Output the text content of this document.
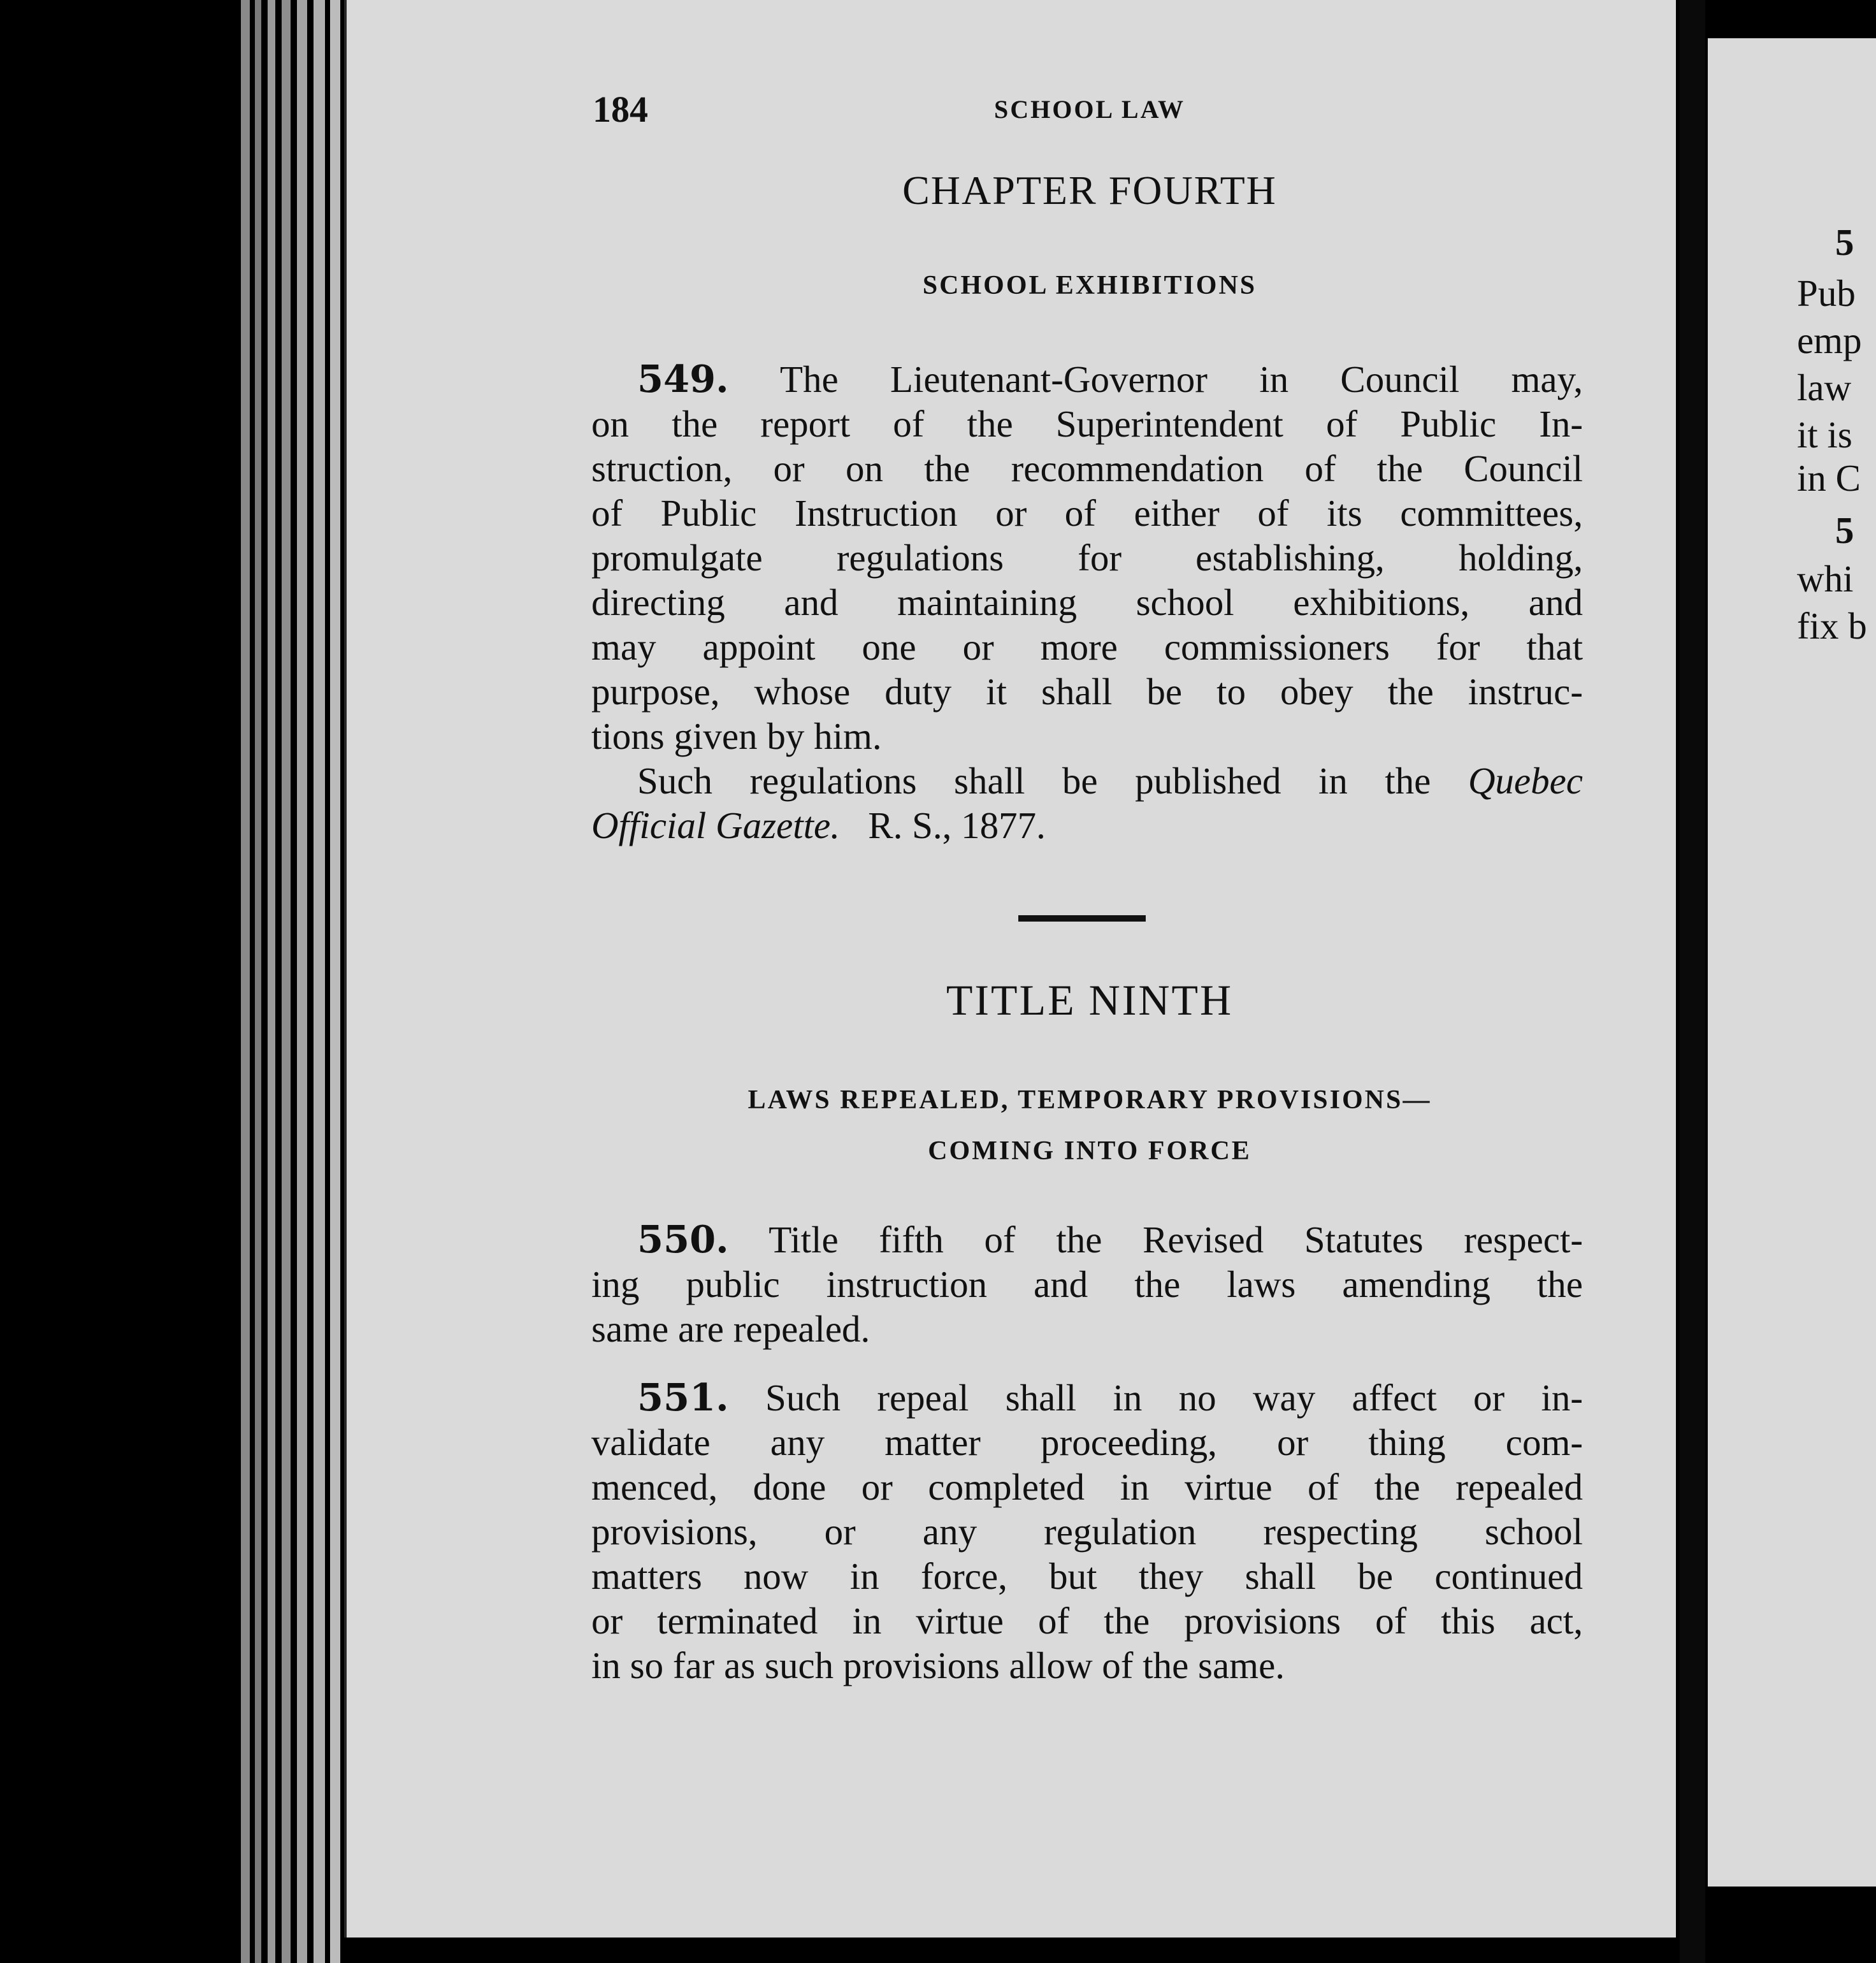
184	SCHOOL LAW
CHAPTER FOURTH
SCHOOL EXHIBITIONS
549. The Lieutenant-Governor in Council may,
on the report of the Superintendent of Public In-
struction, or on the recommendation of the Council
of Public Instruction or of either of its committees,
promulgate regulations for establishing, holding,
directing and maintaining school exhibitions, and
may appoint one or more commissioners for that
purpose, whose duty it shall be to obey the instruc-
tions given by him.
Such regulations shall be published in the Quebec
Official Gazette. R. S., 1877.
TITLE NINTH
LAWS REPEALED, TEMPORARY PROVISIONS—
COMING INTO FORCE
550. Title fifth of the Revised Statutes respect-
ing public instruction and the laws amending the
same are repealed.
551. Such repeal shall in no way affect or in-
validate any matter proceeding, or thing com-
menced, done or completed in virtue of the repealed
provisions, or any regulation respecting school
matters now in force, but they shall be continued
or terminated in virtue of the provisions of this act,
in so far as such provisions allow of the same.
5
Pub
emp
law
it is
in C
5
whi
fix b
